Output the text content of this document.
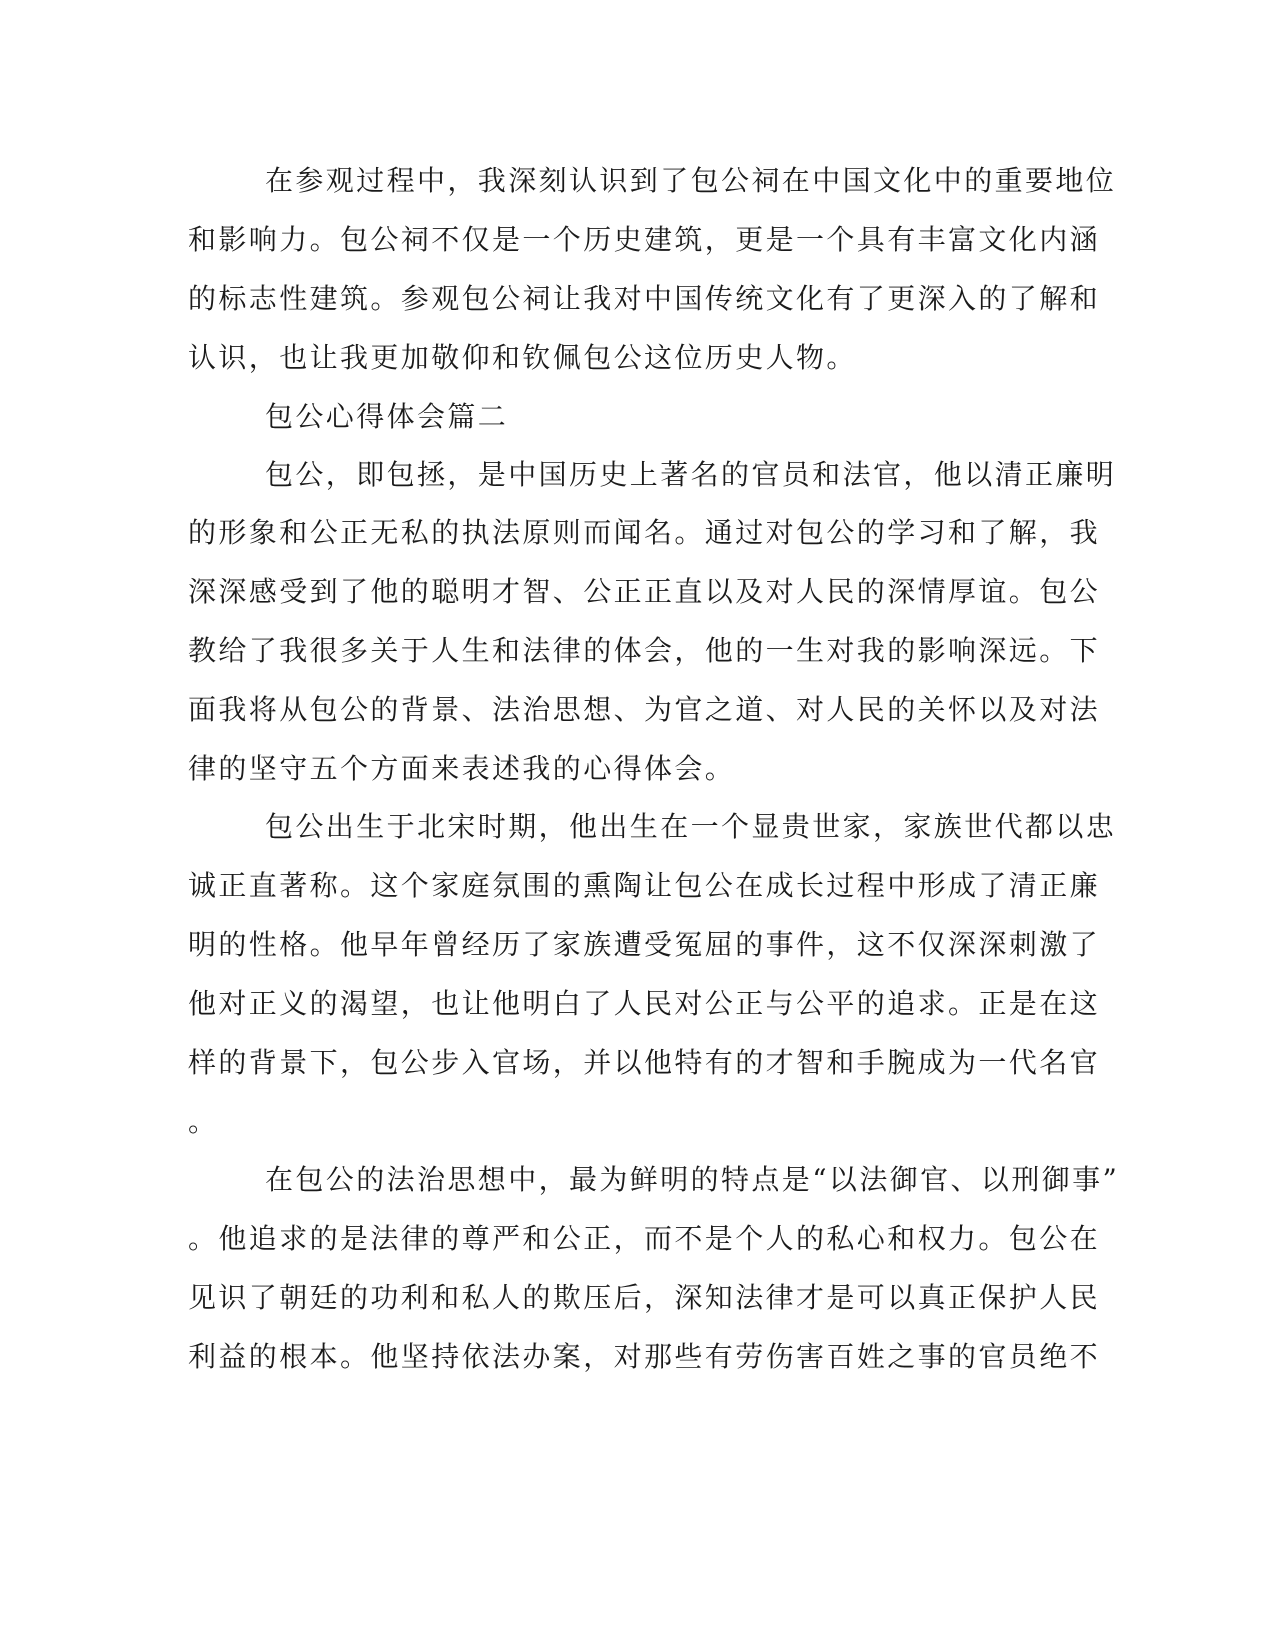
在参观过程中，我深刻认识到了包公祠在中国文化中的重要地位
和影响力。包公祠不仅是一个历史建筑，更是一个具有丰富文化内涵
的标志性建筑。参观包公祠让我对中国传统文化有了更深入的了解和
认识，也让我更加敬仰和钦佩包公这位历史人物。
包公心得体会篇二
包公，即包拯，是中国历史上著名的官员和法官，他以清正廉明
的形象和公正无私的执法原则而闻名。通过对包公的学习和了解，我
深深感受到了他的聪明才智、公正正直以及对人民的深情厚谊。包公
教给了我很多关于人生和法律的体会，他的一生对我的影响深远。下
面我将从包公的背景、法治思想、为官之道、对人民的关怀以及对法
律的坚守五个方面来表述我的心得体会。
包公出生于北宋时期，他出生在一个显贵世家，家族世代都以忠
诚正直著称。这个家庭氛围的熏陶让包公在成长过程中形成了清正廉
明的性格。他早年曾经历了家族遭受冤屈的事件，这不仅深深刺激了
他对正义的渴望，也让他明白了人民对公正与公平的追求。正是在这
样的背景下，包公步入官场，并以他特有的才智和手腕成为一代名官
。
在包公的法治思想中，最为鲜明的特点是“以法御官、以刑御事”
。他追求的是法律的尊严和公正，而不是个人的私心和权力。包公在
见识了朝廷的功利和私人的欺压后，深知法律才是可以真正保护人民
利益的根本。他坚持依法办案，对那些有劳伤害百姓之事的官员绝不
